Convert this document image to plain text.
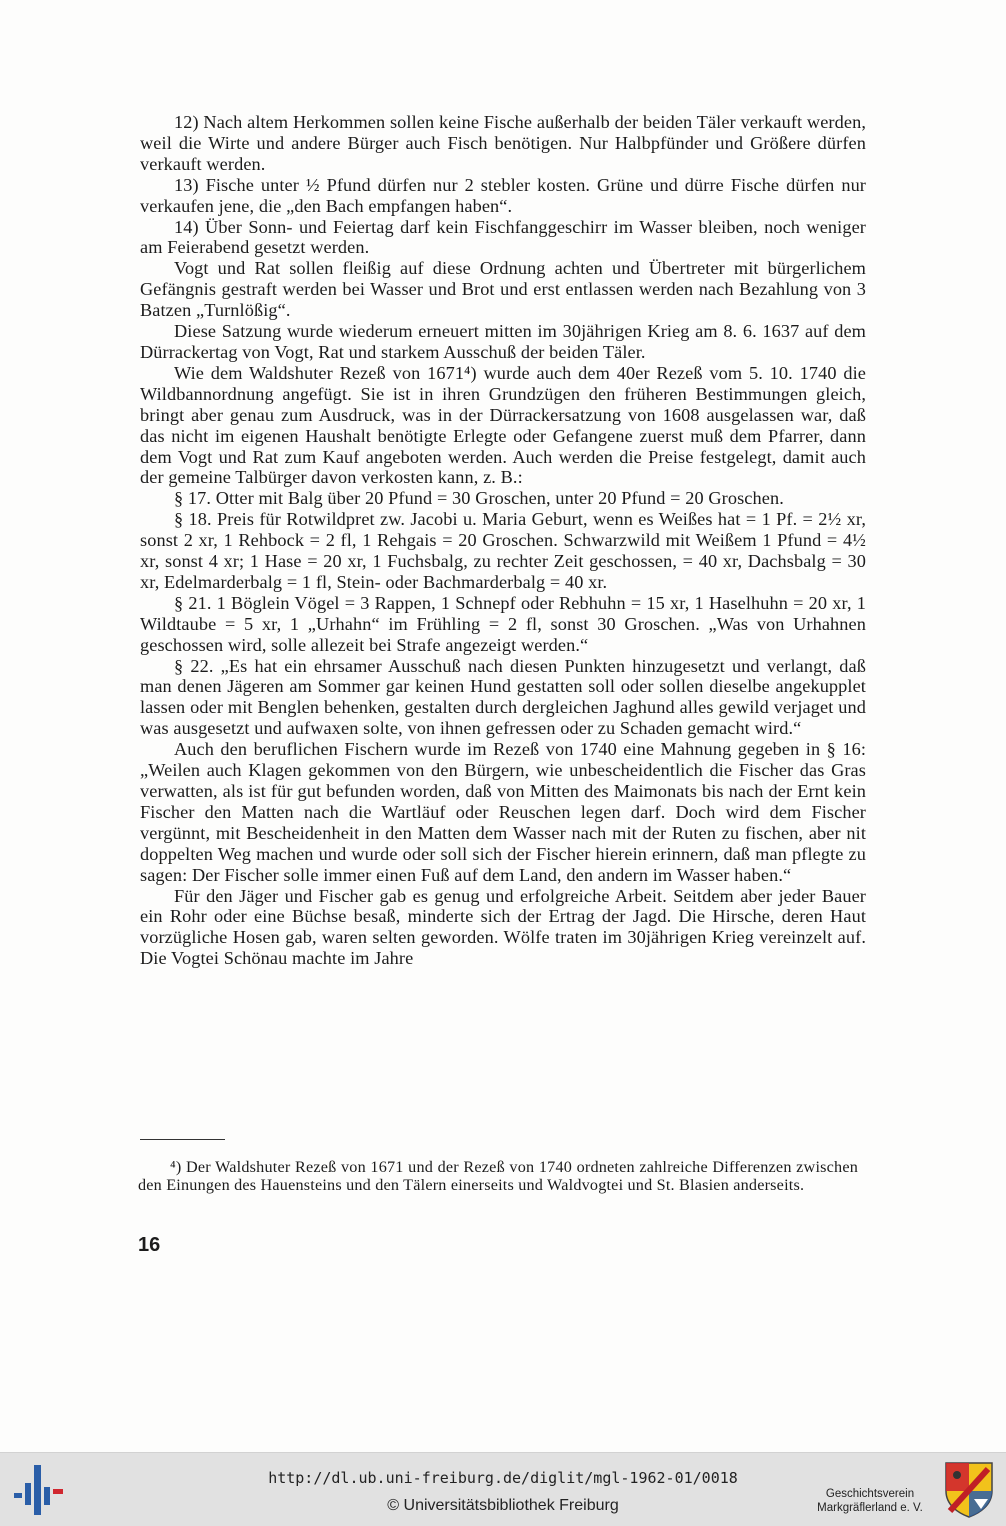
12) Nach altem Herkommen sollen keine Fische außerhalb der beiden Täler verkauft werden, weil die Wirte und andere Bürger auch Fisch benötigen. Nur Halbpfünder und Größere dürfen verkauft werden.

13) Fische unter ½ Pfund dürfen nur 2 stebler kosten. Grüne und dürre Fische dürfen nur verkaufen jene, die „den Bach empfangen haben“.

14) Über Sonn- und Feiertag darf kein Fischfanggeschirr im Wasser bleiben, noch weniger am Feierabend gesetzt werden.

Vogt und Rat sollen fleißig auf diese Ordnung achten und Übertreter mit bürgerlichem Gefängnis gestraft werden bei Wasser und Brot und erst entlassen werden nach Bezahlung von 3 Batzen „Turnlößig“.

Diese Satzung wurde wiederum erneuert mitten im 30jährigen Krieg am 8. 6. 1637 auf dem Dürrackertag von Vogt, Rat und starkem Ausschuß der beiden Täler.

Wie dem Waldshuter Rezeß von 1671⁴) wurde auch dem 40er Rezeß vom 5. 10. 1740 die Wildbannordnung angefügt. Sie ist in ihren Grundzügen den früheren Bestimmungen gleich, bringt aber genau zum Ausdruck, was in der Dürrackersatzung von 1608 ausgelassen war, daß das nicht im eigenen Haushalt benötigte Erlegte oder Gefangene zuerst muß dem Pfarrer, dann dem Vogt und Rat zum Kauf angeboten werden. Auch werden die Preise festgelegt, damit auch der gemeine Talbürger davon verkosten kann, z. B.:

§ 17. Otter mit Balg über 20 Pfund = 30 Groschen, unter 20 Pfund = 20 Groschen.

§ 18. Preis für Rotwildpret zw. Jacobi u. Maria Geburt, wenn es Weißes hat = 1 Pf. = 2½ xr, sonst 2 xr, 1 Rehbock = 2 fl, 1 Rehgais = 20 Groschen. Schwarzwild mit Weißem 1 Pfund = 4½ xr, sonst 4 xr; 1 Hase = 20 xr, 1 Fuchsbalg, zu rechter Zeit geschossen, = 40 xr, Dachsbalg = 30 xr, Edelmarderbalg = 1 fl, Stein- oder Bachmarderbalg = 40 xr.

§ 21. 1 Böglein Vögel = 3 Rappen, 1 Schnepf oder Rebhuhn = 15 xr, 1 Haselhuhn = 20 xr, 1 Wildtaube = 5 xr, 1 „Urhahn“ im Frühling = 2 fl, sonst 30 Groschen. „Was von Urhahnen geschossen wird, solle allezeit bei Strafe angezeigt werden.“

§ 22. „Es hat ein ehrsamer Ausschuß nach diesen Punkten hinzugesetzt und verlangt, daß man denen Jägeren am Sommer gar keinen Hund gestatten soll oder sollen dieselbe angekupplet lassen oder mit Benglen behenken, gestalten durch dergleichen Jaghund alles gewild verjaget und was ausgesetzt und aufwaxen solte, von ihnen gefressen oder zu Schaden gemacht wird.“

Auch den beruflichen Fischern wurde im Rezeß von 1740 eine Mahnung gegeben in § 16: „Weilen auch Klagen gekommen von den Bürgern, wie unbescheidentlich die Fischer das Gras verwatten, als ist für gut befunden worden, daß von Mitten des Maimonats bis nach der Ernt kein Fischer den Matten nach die Wartläuf oder Reuschen legen darf. Doch wird dem Fischer vergünnt, mit Bescheidenheit in den Matten dem Wasser nach mit der Ruten zu fischen, aber nit doppelten Weg machen und wurde oder soll sich der Fischer hierein erinnern, daß man pflegte zu sagen: Der Fischer solle immer einen Fuß auf dem Land, den andern im Wasser haben.“

Für den Jäger und Fischer gab es genug und erfolgreiche Arbeit. Seitdem aber jeder Bauer ein Rohr oder eine Büchse besaß, minderte sich der Ertrag der Jagd. Die Hirsche, deren Haut vorzügliche Hosen gab, waren selten geworden. Wölfe traten im 30jährigen Krieg vereinzelt auf. Die Vogtei Schönau machte im Jahre

⁴) Der Waldshuter Rezeß von 1671 und der Rezeß von 1740 ordneten zahlreiche Differenzen zwischen den Einungen des Hauensteins und den Tälern einerseits und Waldvogtei und St. Blasien anderseits.

16
http://dl.ub.uni-freiburg.de/diglit/mgl-1962-01/0018
© Universitätsbibliothek Freiburg
Geschichtsverein
Markgräflerland e. V.
